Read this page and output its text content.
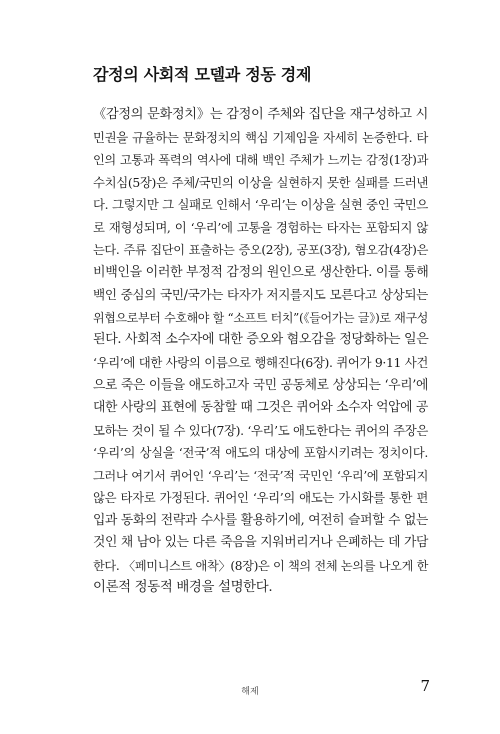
감정의 사회적 모델과 정동 경제
《감정의 문화정치》는 감정이 주체와 집단을 재구성하고 시
민권을 규율하는 문화정치의 핵심 기제임을 자세히 논증한다. 타
인의 고통과 폭력의 역사에 대해 백인 주체가 느끼는 감정(1장)과
수치심(5장)은 주체/국민의 이상을 실현하지 못한 실패를 드러낸
다. 그렇지만 그 실패로 인해서 ‘우리’는 이상을 실현 중인 국민으
로 재형성되며, 이 ‘우리’에 고통을 경험하는 타자는 포함되지 않
는다. 주류 집단이 표출하는 증오(2장), 공포(3장), 혐오감(4장)은
비백인을 이러한 부정적 감정의 원인으로 생산한다. 이를 통해
백인 중심의 국민/국가는 타자가 저지를지도 모른다고 상상되는
위협으로부터 수호해야 할 “소프트 터치”(《들어가는 글》)로 재구성
된다. 사회적 소수자에 대한 증오와 혐오감을 정당화하는 일은
‘우리’에 대한 사랑의 이름으로 행해진다(6장). 퀴어가 9·11 사건
으로 죽은 이들을 애도하고자 국민 공동체로 상상되는 ‘우리’에
대한 사랑의 표현에 동참할 때 그것은 퀴어와 소수자 억압에 공
모하는 것이 될 수 있다(7장). ‘우리’도 애도한다는 퀴어의 주장은
‘우리’의 상실을 ‘전국’적 애도의 대상에 포함시키려는 정치이다.
그러나 여기서 퀴어인 ‘우리’는 ‘전국’적 국민인 ‘우리’에 포함되지
않은 타자로 가정된다. 퀴어인 ‘우리’의 애도는 가시화를 통한 편
입과 동화의 전략과 수사를 활용하기에, 여전히 슬퍼할 수 없는
것인 채 남아 있는 다른 죽음을 지워버리거나 은폐하는 데 가담
한다. 〈페미니스트 애착〉(8장)은 이 책의 전체 논의를 나오게 한
이론적 정동적 배경을 설명한다.
해제	7
